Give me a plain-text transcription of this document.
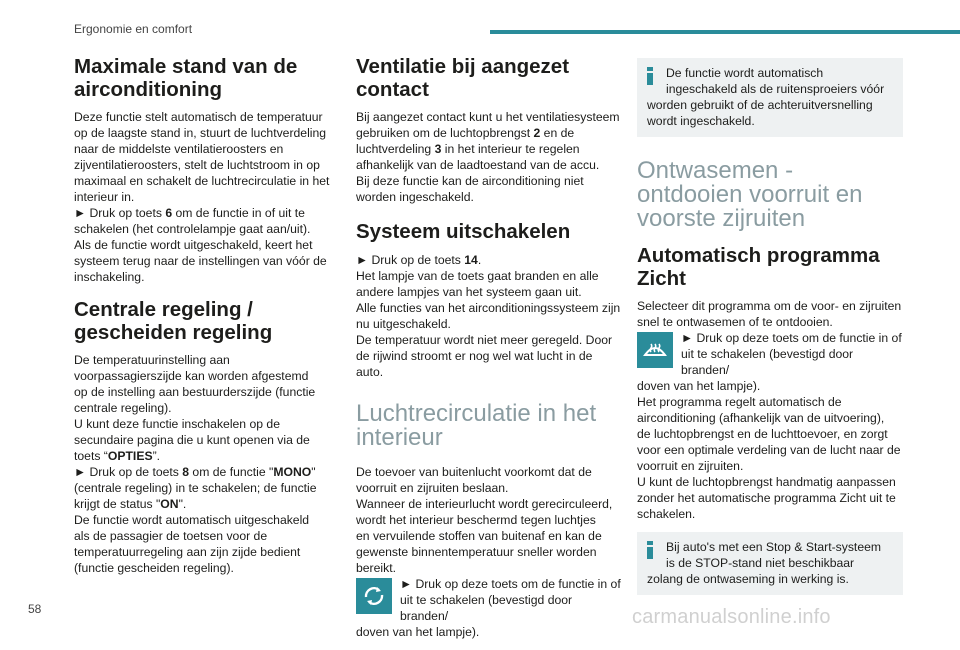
Ergonomie en comfort
Maximale stand van de airconditioning
Deze functie stelt automatisch de temperatuur
op de laagste stand in, stuurt de luchtverdeling
naar de middelste ventilatieroosters en
zijventilatieroosters, stelt de luchtstroom in op
maximaal en schakelt de luchtrecirculatie in het
interieur in.
► Druk op toets 6 om de functie in of uit te
schakelen (het controlelampje gaat aan/uit).
Als de functie wordt uitgeschakeld, keert het
systeem terug naar de instellingen van vóór de
inschakeling.
Centrale regeling / gescheiden regeling
De temperatuurinstelling aan
voorpassagierszijde kan worden afgestemd
op de instelling aan bestuurderszijde (functie
centrale regeling).
U kunt deze functie inschakelen op de
secundaire pagina die u kunt openen via de
toets “OPTIES”.
► Druk op de toets 8 om de functie "MONO"
(centrale regeling) in te schakelen; de functie
krijgt de status "ON".
De functie wordt automatisch uitgeschakeld
als de passagier de toetsen voor de
temperatuurregeling aan zijn zijde bedient
(functie gescheiden regeling).
Ventilatie bij aangezet contact
Bij aangezet contact kunt u het ventilatiesysteem
gebruiken om de luchtopbrengst 2 en de
luchtverdeling 3 in het interieur te regelen
afhankelijk van de laadtoestand van de accu.
Bij deze functie kan de airconditioning niet
worden ingeschakeld.
Systeem uitschakelen
► Druk op de toets 14.
Het lampje van de toets gaat branden en alle
andere lampjes van het systeem gaan uit.
Alle functies van het airconditioningssysteem zijn
nu uitgeschakeld.
De temperatuur wordt niet meer geregeld. Door
de rijwind stroomt er nog wel wat lucht in de
auto.
Luchtrecirculatie in het interieur
De toevoer van buitenlucht voorkomt dat de
voorruit en zijruiten beslaan.
Wanneer de interieurlucht wordt gerecirculeerd,
wordt het interieur beschermd tegen luchtjes
en vervuilende stoffen van buitenaf en kan de
gewenste binnentemperatuur sneller worden
bereikt.
► Druk op deze toets om de functie in of
uit te schakelen (bevestigd door branden/
doven van het lampje).
De functie wordt automatisch
ingeschakeld als de ruitensproeiers vóór
worden gebruikt of de achteruitversnelling
wordt ingeschakeld.
Ontwasemen - ontdooien voorruit en voorste zijruiten
Automatisch programma Zicht
Selecteer dit programma om de voor- en zijruiten
snel te ontwasemen of te ontdooien.
► Druk op deze toets om de functie in of
uit te schakelen (bevestigd door branden/
doven van het lampje).
Het programma regelt automatisch de
airconditioning (afhankelijk van de uitvoering),
de luchtopbrengst en de luchttoevoer, en zorgt
voor een optimale verdeling van de lucht naar de
voorruit en zijruiten.
U kunt de luchtopbrengst handmatig aanpassen
zonder het automatische programma Zicht uit te
schakelen.
Bij auto's met een Stop & Start-systeem
is de STOP-stand niet beschikbaar
zolang de ontwaseming in werking is.
58	carmanualsonline.info
